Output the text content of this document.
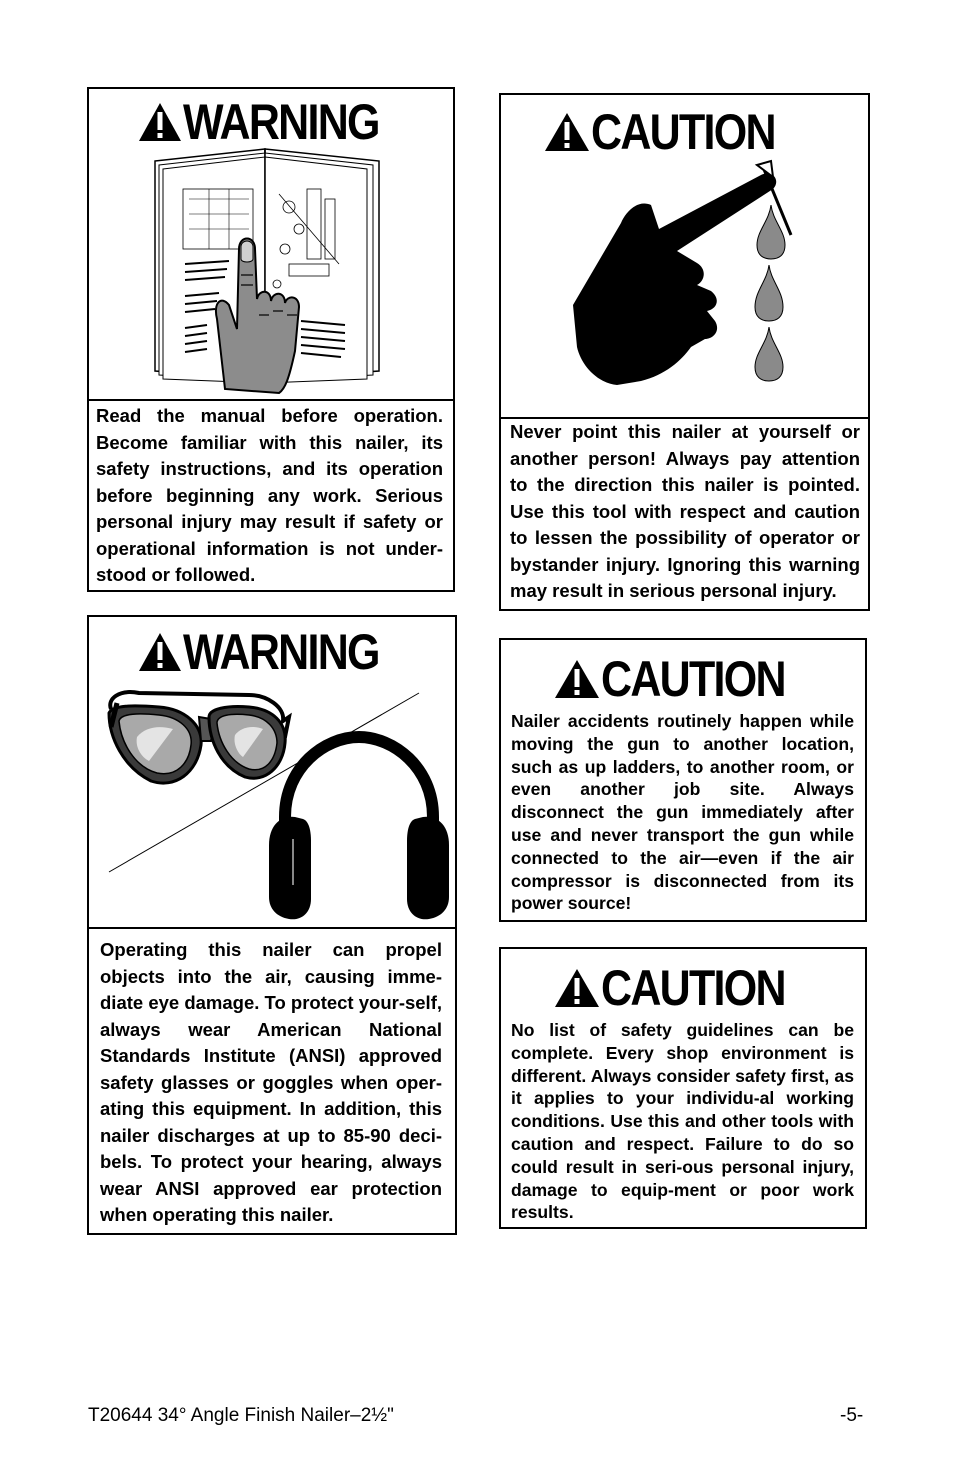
WARNING
Read the manual before operation. Become familiar with this nailer, its safety instructions, and its operation before beginning any work. Serious personal injury may result if safety or operational information is not under-stood or followed.
WARNING
Operating this nailer can propel objects into the air, causing imme-diate eye damage. To protect your-self, always wear American National Standards Institute (ANSI) approved safety glasses or goggles when oper-ating this equipment. In addition, this nailer discharges at up to 85-90 deci-bels. To protect your hearing, always wear ANSI approved ear protection when operating this nailer.
CAUTION
Never point this nailer at yourself or another person! Always pay attention to the direction this nailer is pointed. Use this tool with respect and caution to lessen the possibility of operator or bystander injury. Ignoring this warning may result in serious personal injury.
CAUTION
Nailer accidents routinely happen while moving the gun to another location, such as up ladders, to another room, or even another job site. Always disconnect the gun immediately after use and never transport the gun while connected to the air—even if the air compressor is disconnected from its power source!
CAUTION
No list of safety guidelines can be complete. Every shop environment is different. Always consider safety first, as it applies to your individu-al working conditions. Use this and other tools with caution and respect. Failure to do so could result in seri-ous personal injury, damage to equip-ment or poor work results.
T20644 34° Angle Finish Nailer–2½"	-5-
